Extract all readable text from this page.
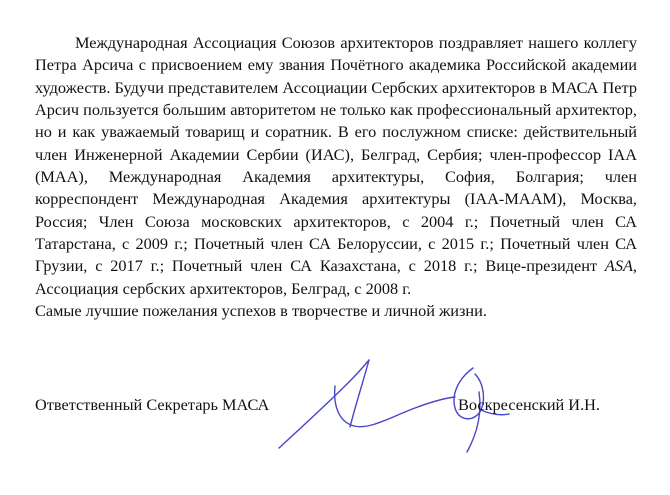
Международная Ассоциация Союзов архитекторов поздравляет нашего коллегу Петра Арсича с присвоением ему звания Почётного академика Российской академии художеств. Будучи представителем Ассоциации Сербских архитекторов в МАСА Петр Арсич пользуется большим авторитетом не только как профессиональный архитектор, но и как уважаемый товарищ и соратник. В его послужном списке: действительный член Инженерной Академии Сербии (ИАС), Белград, Сербия; член-профессор IAA (МАА), Международная Академия архитектуры, София, Болгария; член корреспондент Международная Академия архитектуры (IAA-MAAM), Москва, Россия; Член Союза московских архитекторов, с 2004 г.; Почетный член СА Татарстана, с 2009 г.; Почетный член СА Белоруссии, с 2015 г.; Почетный член СА Грузии, с 2017 г.; Почетный член СА Казахстана, с 2018 г.; Вице-президент ASA, Ассоциация сербских архитекторов, Белград, с 2008 г.

Самые лучшие пожелания успехов в творчестве и личной жизни.

Ответственный Секретарь МАСА	Воскресенский И.Н.
